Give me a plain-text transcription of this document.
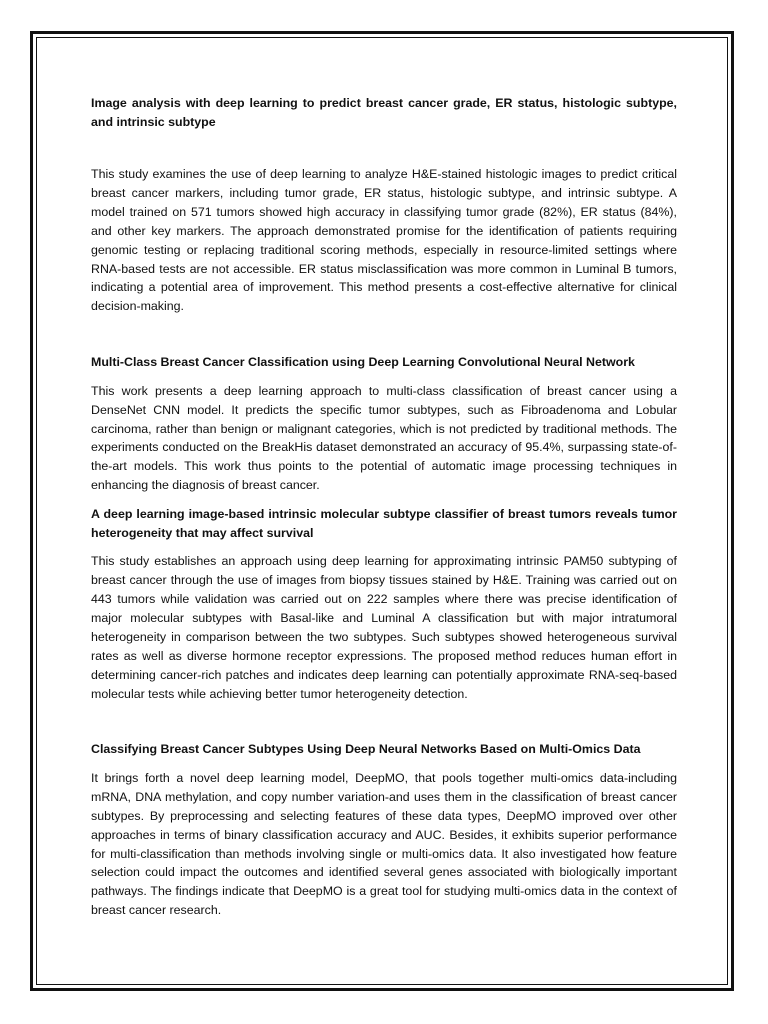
Image analysis with deep learning to predict breast cancer grade, ER status, histologic subtype, and intrinsic subtype

This study examines the use of deep learning to analyze H&E-stained histologic images to predict critical breast cancer markers, including tumor grade, ER status, histologic subtype, and intrinsic subtype. A model trained on 571 tumors showed high accuracy in classifying tumor grade (82%), ER status (84%), and other key markers. The approach demonstrated promise for the identification of patients requiring genomic testing or replacing traditional scoring methods, especially in resource-limited settings where RNA-based tests are not accessible. ER status misclassification was more common in Luminal B tumors, indicating a potential area of improvement. This method presents a cost-effective alternative for clinical decision-making.

Multi-Class Breast Cancer Classification using Deep Learning Convolutional Neural Network

This work presents a deep learning approach to multi-class classification of breast cancer using a DenseNet CNN model. It predicts the specific tumor subtypes, such as Fibroadenoma and Lobular carcinoma, rather than benign or malignant categories, which is not predicted by traditional methods. The experiments conducted on the BreakHis dataset demonstrated an accuracy of 95.4%, surpassing state-of-the-art models. This work thus points to the potential of automatic image processing techniques in enhancing the diagnosis of breast cancer.

A deep learning image-based intrinsic molecular subtype classifier of breast tumors reveals tumor heterogeneity that may affect survival

This study establishes an approach using deep learning for approximating intrinsic PAM50 subtyping of breast cancer through the use of images from biopsy tissues stained by H&E. Training was carried out on 443 tumors while validation was carried out on 222 samples where there was precise identification of major molecular subtypes with Basal-like and Luminal A classification but with major intratumoral heterogeneity in comparison between the two subtypes. Such subtypes showed heterogeneous survival rates as well as diverse hormone receptor expressions. The proposed method reduces human effort in determining cancer-rich patches and indicates deep learning can potentially approximate RNA-seq-based molecular tests while achieving better tumor heterogeneity detection.

Classifying Breast Cancer Subtypes Using Deep Neural Networks Based on Multi-Omics Data

It brings forth a novel deep learning model, DeepMO, that pools together multi-omics data-including mRNA, DNA methylation, and copy number variation-and uses them in the classification of breast cancer subtypes. By preprocessing and selecting features of these data types, DeepMO improved over other approaches in terms of binary classification accuracy and AUC. Besides, it exhibits superior performance for multi-classification than methods involving single or multi-omics data. It also investigated how feature selection could impact the outcomes and identified several genes associated with biologically important pathways. The findings indicate that DeepMO is a great tool for studying multi-omics data in the context of breast cancer research.
